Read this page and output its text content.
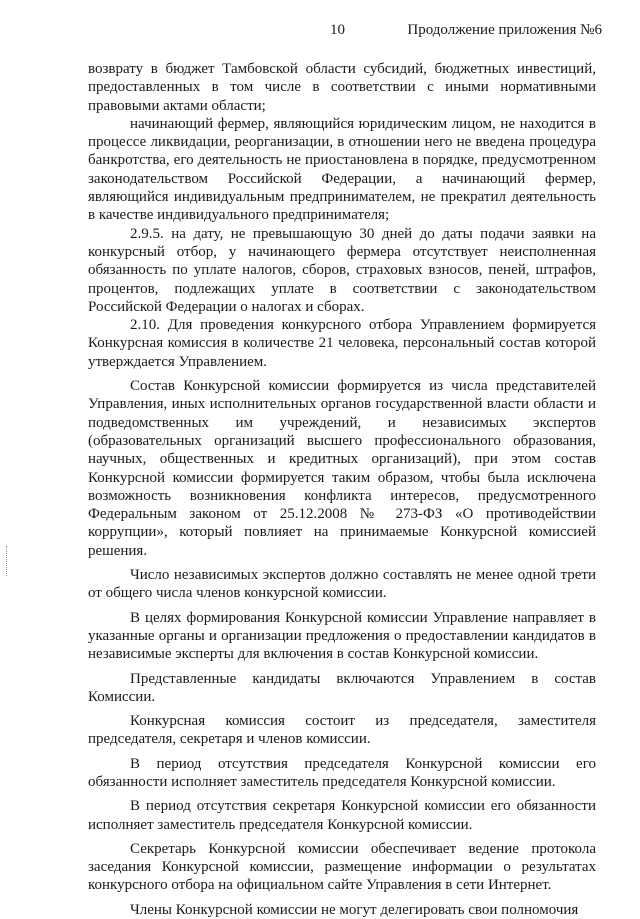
10	Продолжение приложения №6

возврату в бюджет Тамбовской области субсидий, бюджетных инвестиций, предоставленных в том числе в соответствии с иными нормативными правовыми актами области;

начинающий фермер, являющийся юридическим лицом, не находится в процессе ликвидации, реорганизации, в отношении него не введена процедура банкротства, его деятельность не приостановлена в порядке, предусмотренном законодательством Российской Федерации, а начинающий фермер, являющийся индивидуальным предпринимателем, не прекратил деятельность в качестве индивидуального предпринимателя;

2.9.5. на дату, не превышающую 30 дней до даты подачи заявки на конкурсный отбор, у начинающего фермера отсутствует неисполненная обязанность по уплате налогов, сборов, страховых взносов, пеней, штрафов, процентов, подлежащих уплате в соответствии с законодательством Российской Федерации о налогах и сборах.

2.10. Для проведения конкурсного отбора Управлением формируется Конкурсная комиссия в количестве 21 человека, персональный состав которой утверждается Управлением.

Состав Конкурсной комиссии формируется из числа представителей Управления, иных исполнительных органов государственной власти области и подведомственных им учреждений, и независимых экспертов (образовательных организаций высшего профессионального образования, научных, общественных и кредитных организаций), при этом состав Конкурсной комиссии формируется таким образом, чтобы была исключена возможность возникновения конфликта интересов, предусмотренного Федеральным законом от 25.12.2008 № 273-ФЗ «О противодействии коррупции», который повлияет на принимаемые Конкурсной комиссией решения.

Число независимых экспертов должно составлять не менее одной трети от общего числа членов конкурсной комиссии.

В целях формирования Конкурсной комиссии Управление направляет в указанные органы и организации предложения о предоставлении кандидатов в независимые эксперты для включения в состав Конкурсной комиссии.

Представленные кандидаты включаются Управлением в состав Комиссии.

Конкурсная комиссия состоит из председателя, заместителя председателя, секретаря и членов комиссии.

В период отсутствия председателя Конкурсной комиссии его обязанности исполняет заместитель председателя Конкурсной комиссии.

В период отсутствия секретаря Конкурсной комиссии его обязанности исполняет заместитель председателя Конкурсной комиссии.

Секретарь Конкурсной комиссии обеспечивает ведение протокола заседания Конкурсной комиссии, размещение информации о результатах конкурсного отбора на официальном сайте Управления в сети Интернет.

Члены Конкурсной комиссии не могут делегировать свои полномочия
